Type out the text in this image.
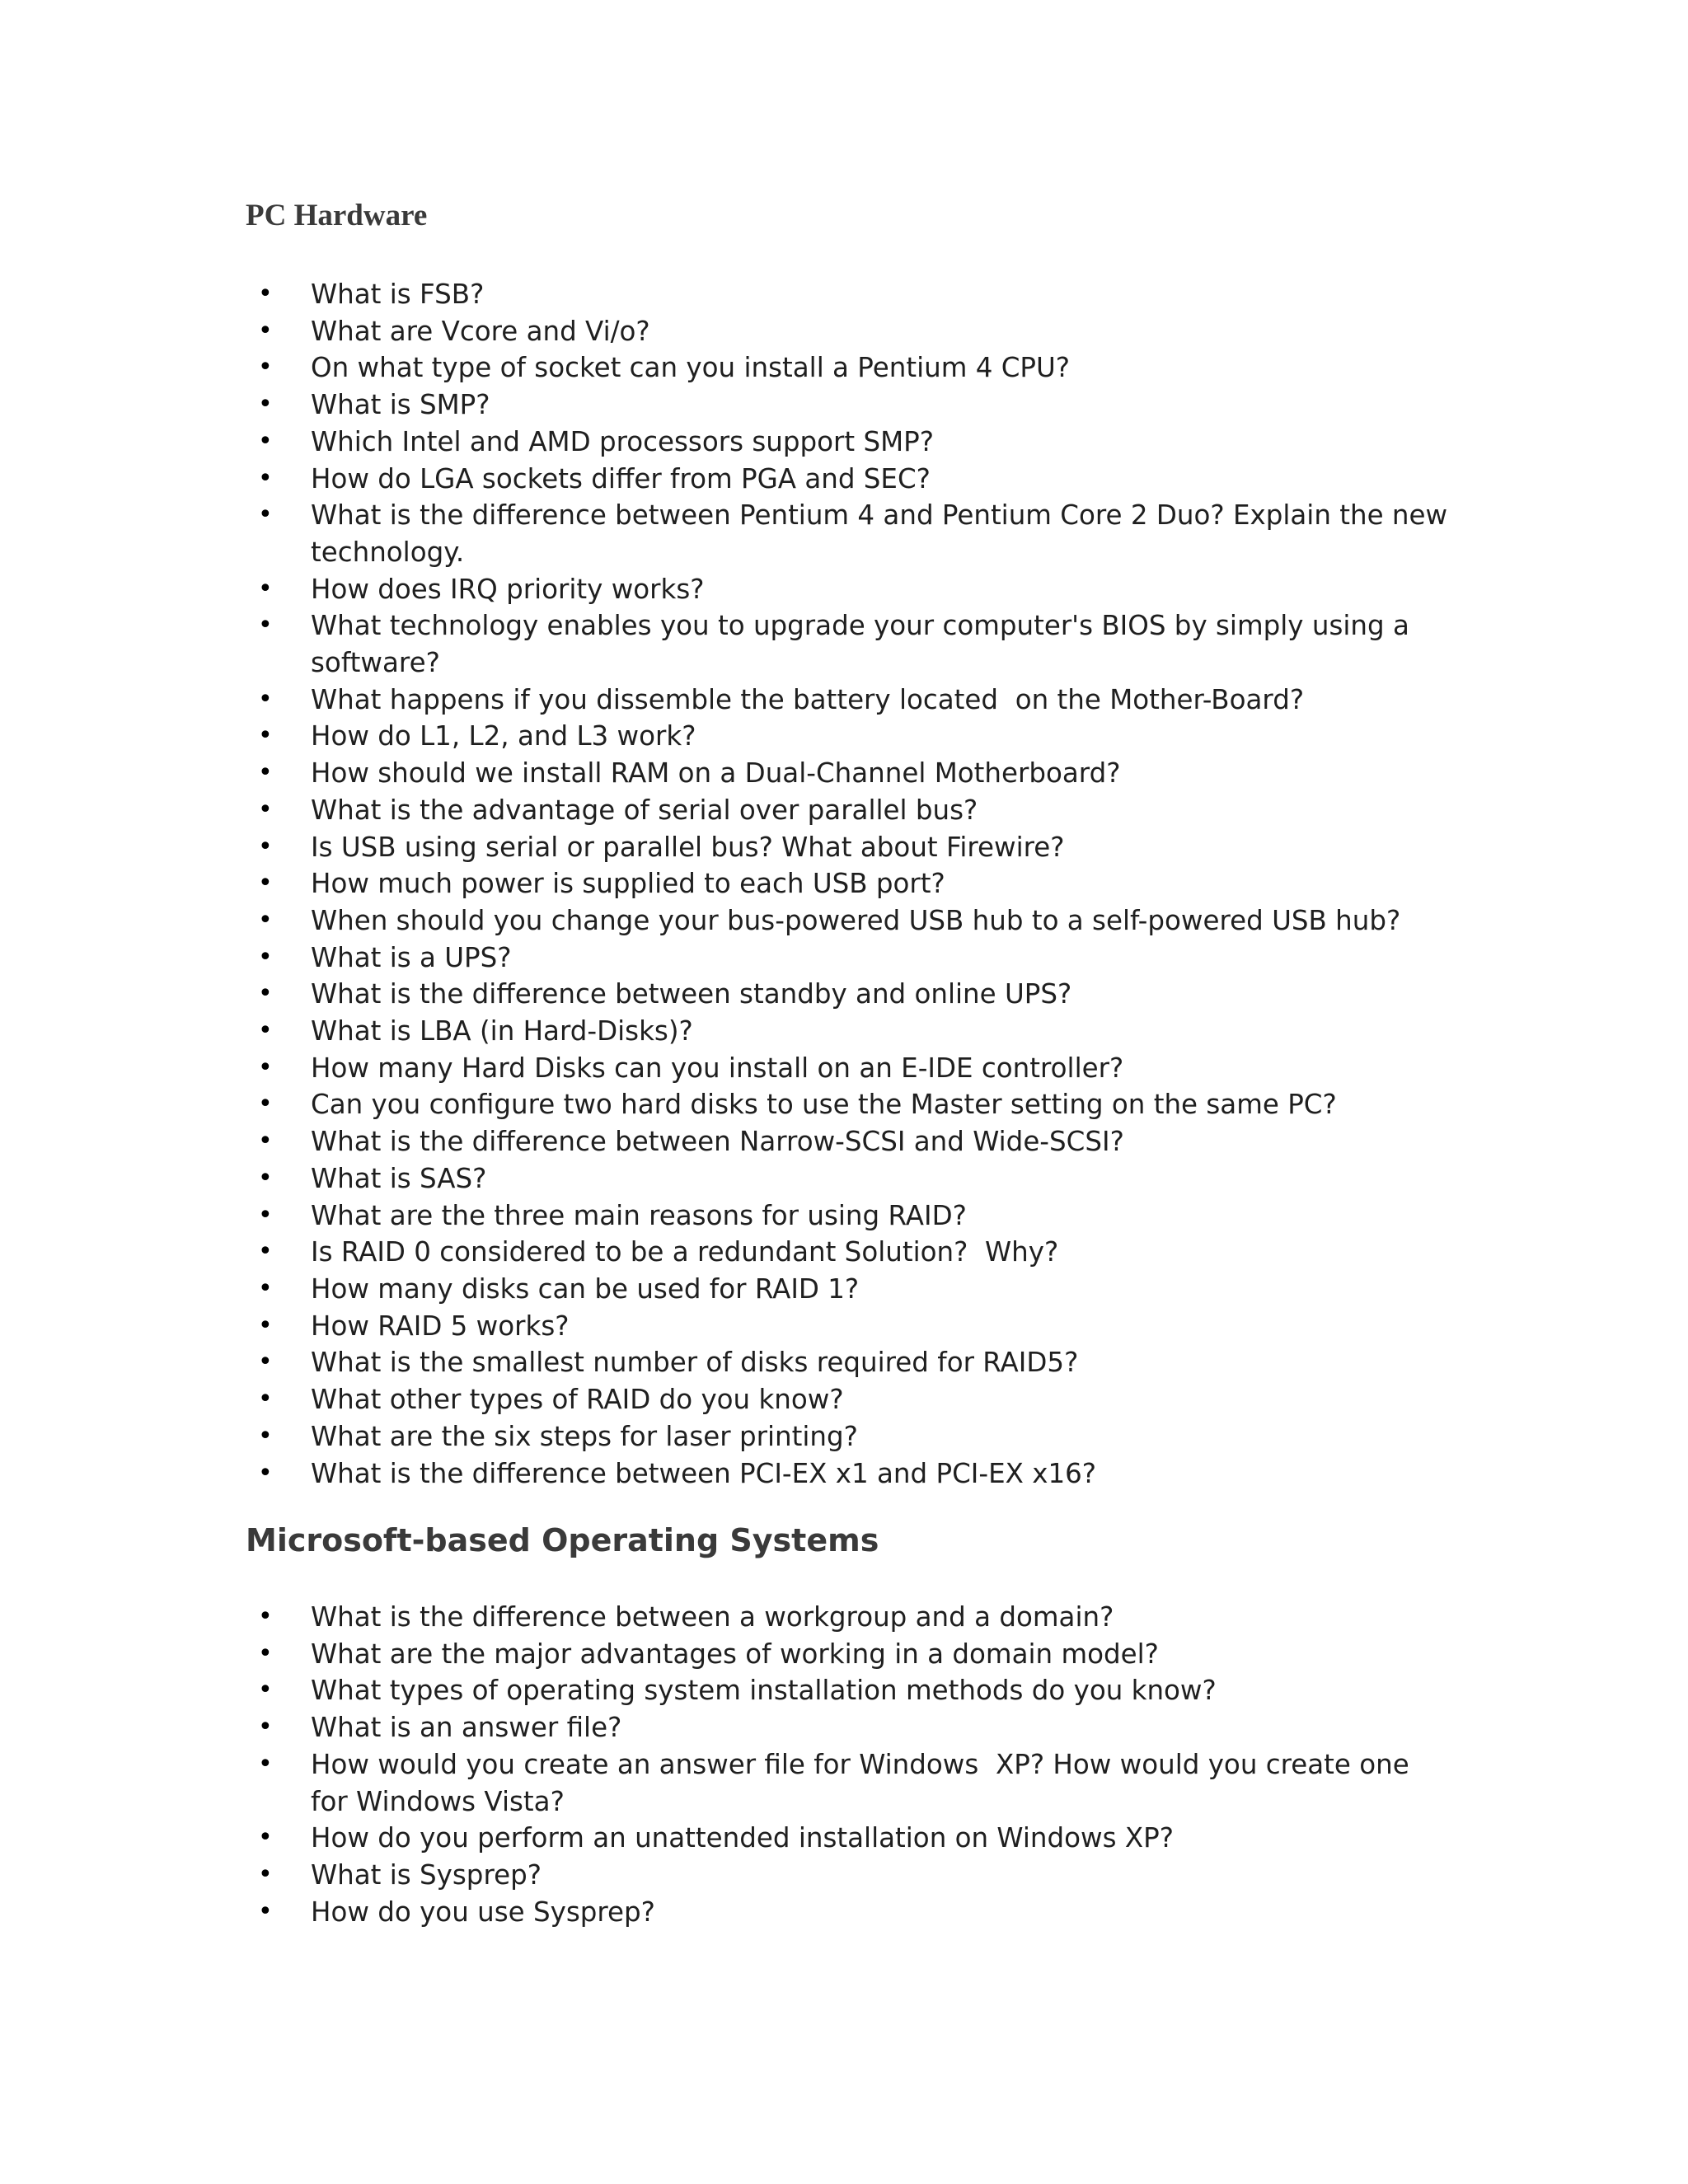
PC Hardware
• What is FSB?
• What are Vcore and Vi/o?
• On what type of socket can you install a Pentium 4 CPU?
• What is SMP?
• Which Intel and AMD processors support SMP?
• How do LGA sockets differ from PGA and SEC?
• What is the difference between Pentium 4 and Pentium Core 2 Duo? Explain the new technology.
• How does IRQ priority works?
• What technology enables you to upgrade your computer's BIOS by simply using a software?
• What happens if you dissemble the battery located  on the Mother-Board?
• How do L1, L2, and L3 work?
• How should we install RAM on a Dual-Channel Motherboard?
• What is the advantage of serial over parallel bus?
• Is USB using serial or parallel bus? What about Firewire?
• How much power is supplied to each USB port?
• When should you change your bus-powered USB hub to a self-powered USB hub?
• What is a UPS?
• What is the difference between standby and online UPS?
• What is LBA (in Hard-Disks)?
• How many Hard Disks can you install on an E-IDE controller?
• Can you configure two hard disks to use the Master setting on the same PC?
• What is the difference between Narrow-SCSI and Wide-SCSI?
• What is SAS?
• What are the three main reasons for using RAID?
• Is RAID 0 considered to be a redundant Solution?  Why?
• How many disks can be used for RAID 1?
• How RAID 5 works?
• What is the smallest number of disks required for RAID5?
• What other types of RAID do you know?
• What are the six steps for laser printing?
• What is the difference between PCI-EX x1 and PCI-EX x16?
Microsoft-based Operating Systems
• What is the difference between a workgroup and a domain?
• What are the major advantages of working in a domain model?
• What types of operating system installation methods do you know?
• What is an answer file?
• How would you create an answer file for Windows  XP? How would you create one for Windows Vista?
• How do you perform an unattended installation on Windows XP?
• What is Sysprep?
• How do you use Sysprep?
